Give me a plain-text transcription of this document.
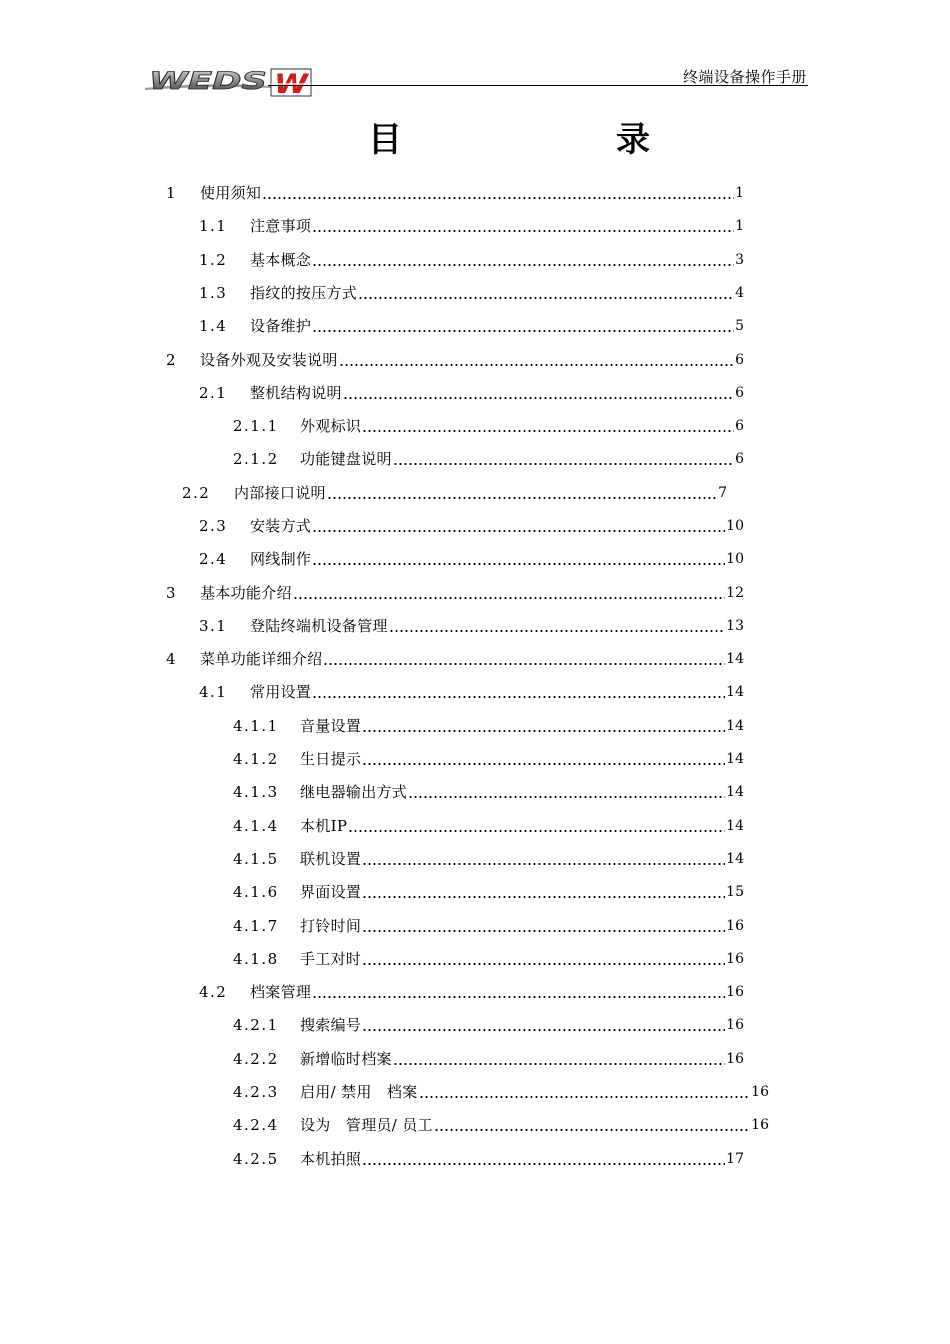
WEDS W	终端设备操作手册
目	录
1	使用须知	1
1.1	注意事项	1
1.2	基本概念	3
1.3	指纹的按压方式	4
1.4	设备维护	5
2	设备外观及安装说明	6
2.1	整机结构说明	6
2.1.1	外观标识	6
2.1.2	功能键盘说明	6
2.2	内部接口说明	7
2.3	安装方式	10
2.4	网线制作	10
3	基本功能介绍	12
3.1	登陆终端机设备管理	13
4	菜单功能详细介绍	14
4.1	常用设置	14
4.1.1	音量设置	14
4.1.2	生日提示	14
4.1.3	继电器输出方式	14
4.1.4	本机IP	14
4.1.5	联机设置	14
4.1.6	界面设置	15
4.1.7	打铃时间	16
4.1.8	手工对时	16
4.2	档案管理	16
4.2.1	搜索编号	16
4.2.2	新增临时档案	16
4.2.3	启用/ 禁用　档案	16
4.2.4	设为　管理员/ 员工	16
4.2.5	本机拍照	17
